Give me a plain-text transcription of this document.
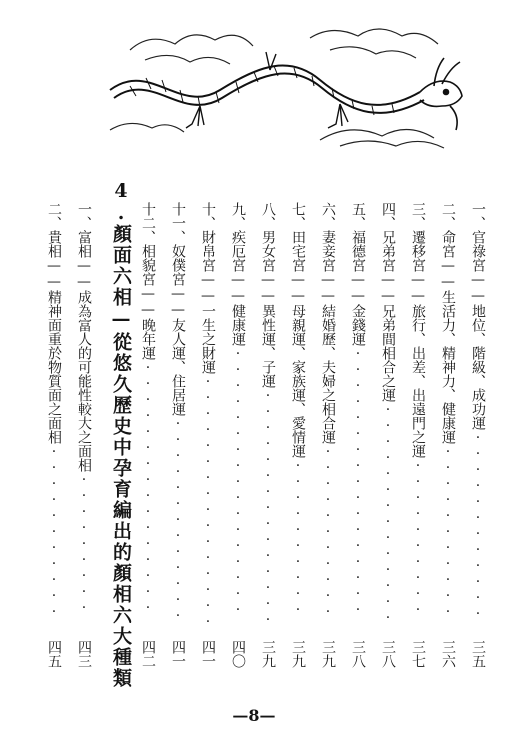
一、官祿宮——地位、階級、成功運 ·····
三五
二、命宮——生活力、精神力、健康運 ·····
三六
三、遷移宮——旅行、出差、出遠門之運 ·····
三七
四、兄弟宮——兄弟間相合之運 ·····
三八
五、福德宮——金錢運 ·····
三八
六、妻妾宮——結婚歷、夫婦之相合運 ·····
三九
七、田宅宮——母親運、家族運、愛情運 ·····
三九
八、男女宮——異性運、子運 ·····
三九
九、疾厄宮——健康運 ·····
四〇
十、財帛宮——一生之財運 ·····
四一
十一、奴僕宮——友人運、住居運 ·····
四一
十二、相貌宮——晚年運 ·····
四二
4.顏面六相—從悠久歷史中孕育編出的顏相六大種類
一、富相——成為富人的可能性較大之面相 ·····
四三
二、貴相——精神面重於物質面之面相 ·····
四五
—8—
